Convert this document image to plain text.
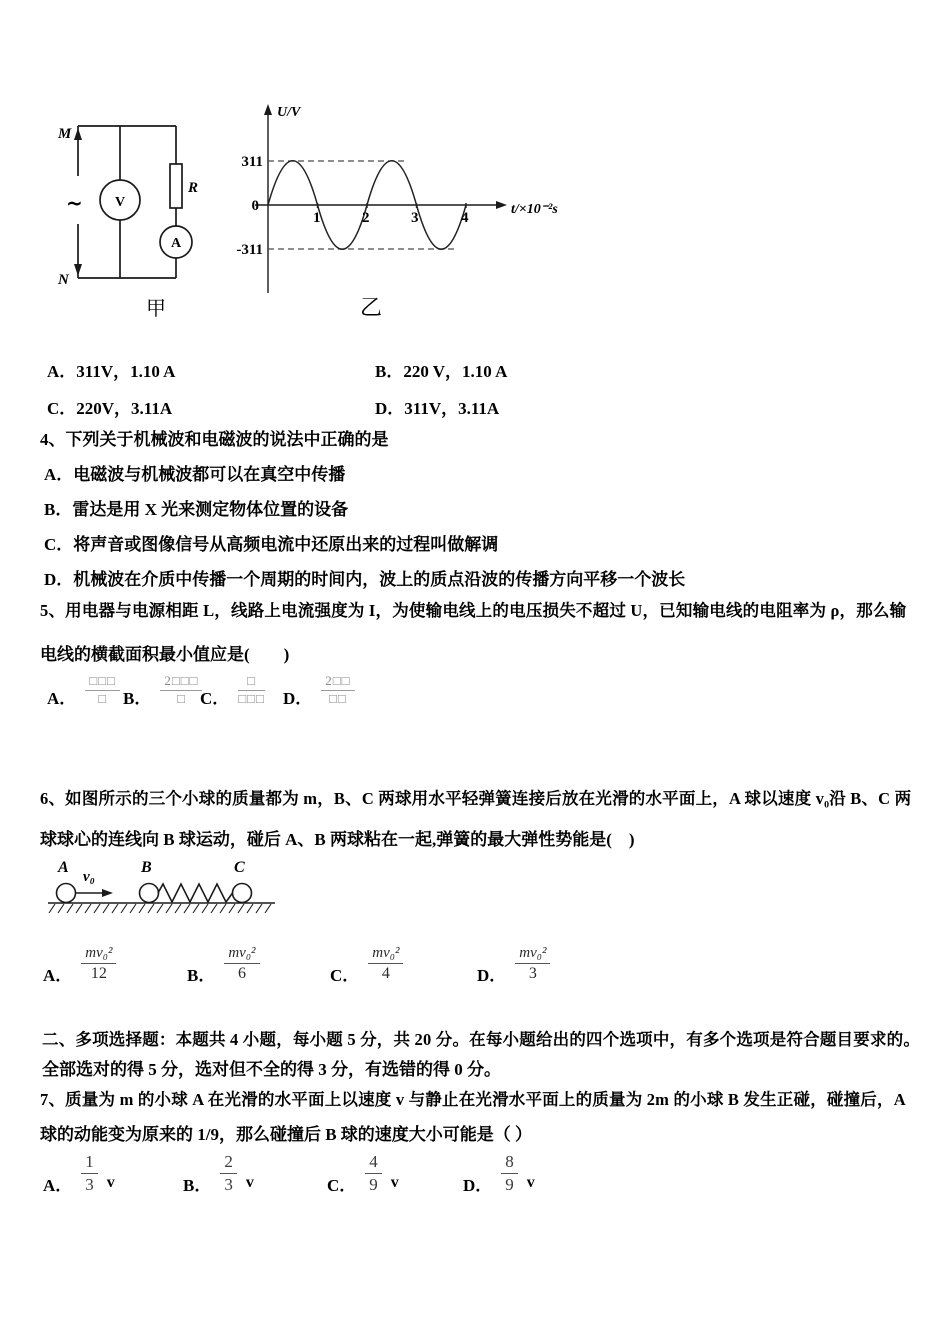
M
N
~ V
A
R
U/V
311
0
-311
1	2	3	4
t/×10⁻²s
甲	乙
A．311V，1.10 A	B．220 V，1.10 A
C．220V，3.11A	D．311V，3.11A
4、下列关于机械波和电磁波的说法中正确的是
A．电磁波与机械波都可以在真空中传播
B．雷达是用 X 光来测定物体位置的设备
C．将声音或图像信号从高频电流中还原出来的过程叫做解调
D．机械波在介质中传播一个周期的时间内，波上的质点沿波的传播方向平移一个波长
5、用电器与电源相距 L，线路上电流强度为 I，为使输电线上的电压损失不超过 U，已知输电线的电阻率为 ρ，那么输
电线的横截面积最小值应是(　　)
A． $\frac{□□□}{□}$ B． $\frac{2□□□}{□}$
C． $\frac{□}{□□□}$ D． $\frac{2□□}{□□}$
6、如图所示的三个小球的质量都为 m，B、C 两球用水平轻弹簧连接后放在光滑的水平面上，A 球以速度 v₀沿 B、C 两
球球心的连线向 B 球运动，碰后 A、B 两球粘在一起,弹簧的最大弹性势能是(　)
A	B	C
v₀
A． $\frac{\text{mv₀²}}{12}$	B． $\frac{\text{mv₀²}}{6}$	C． $\frac{\text{mv₀²}}{4}$	D． $\frac{\text{mv₀²}}{3}$
二、多项选择题：本题共 4 小题，每小题 5 分，共 20 分。在每小题给出的四个选项中，有多个选项是符合题目要求的。
全部选对的得 5 分，选对但不全的得 3 分，有选错的得 0 分。
7、质量为 m 的小球 A 在光滑的水平面上以速度 v 与静止在光滑水平面上的质量为 2m 的小球 B 发生正碰，碰撞后，A
球的动能变为原来的 1/9，那么碰撞后 B 球的速度大小可能是（ ）
A． $\frac{1}{3}$ v	B． $\frac{2}{3}$ v	C． $\frac{4}{9}$ v	D． $\frac{8}{9}$ v
